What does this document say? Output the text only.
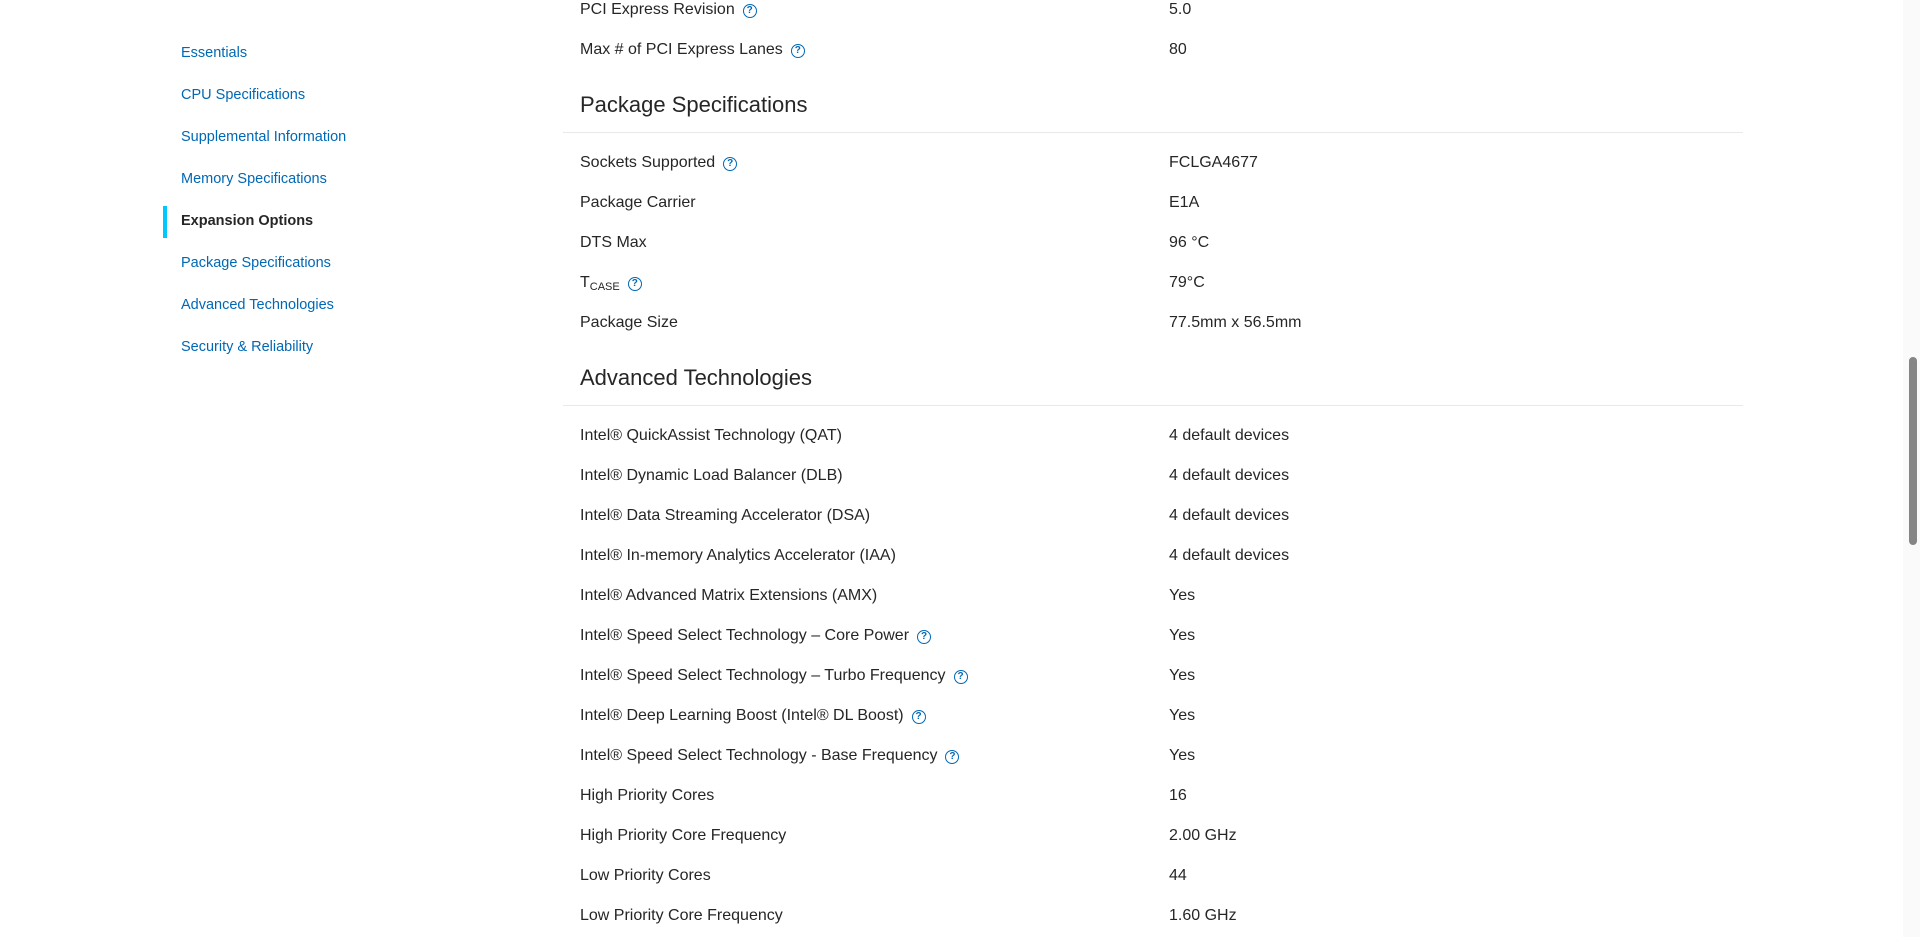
Essentials
CPU Specifications
Supplemental Information
Memory Specifications
Expansion Options
Package Specifications
Advanced Technologies
Security & Reliability
PCI Express Revision ?	5.0
Max # of PCI Express Lanes ?	80
Package Specifications
Sockets Supported ?	FCLGA4677
Package Carrier	E1A
DTS Max	96 °C
$T_{CASE}$ ?	79°C
Package Size	77.5mm x 56.5mm
Advanced Technologies
Intel® QuickAssist Technology (QAT)	4 default devices
Intel® Dynamic Load Balancer (DLB)	4 default devices
Intel® Data Streaming Accelerator (DSA)	4 default devices
Intel® In-memory Analytics Accelerator (IAA)	4 default devices
Intel® Advanced Matrix Extensions (AMX)	Yes
Intel® Speed Select Technology – Core Power ?	Yes
Intel® Speed Select Technology – Turbo Frequency ?	Yes
Intel® Deep Learning Boost (Intel® DL Boost) ?	Yes
Intel® Speed Select Technology - Base Frequency ?	Yes
High Priority Cores	16
High Priority Core Frequency	2.00 GHz
Low Priority Cores	44
Low Priority Core Frequency	1.60 GHz
